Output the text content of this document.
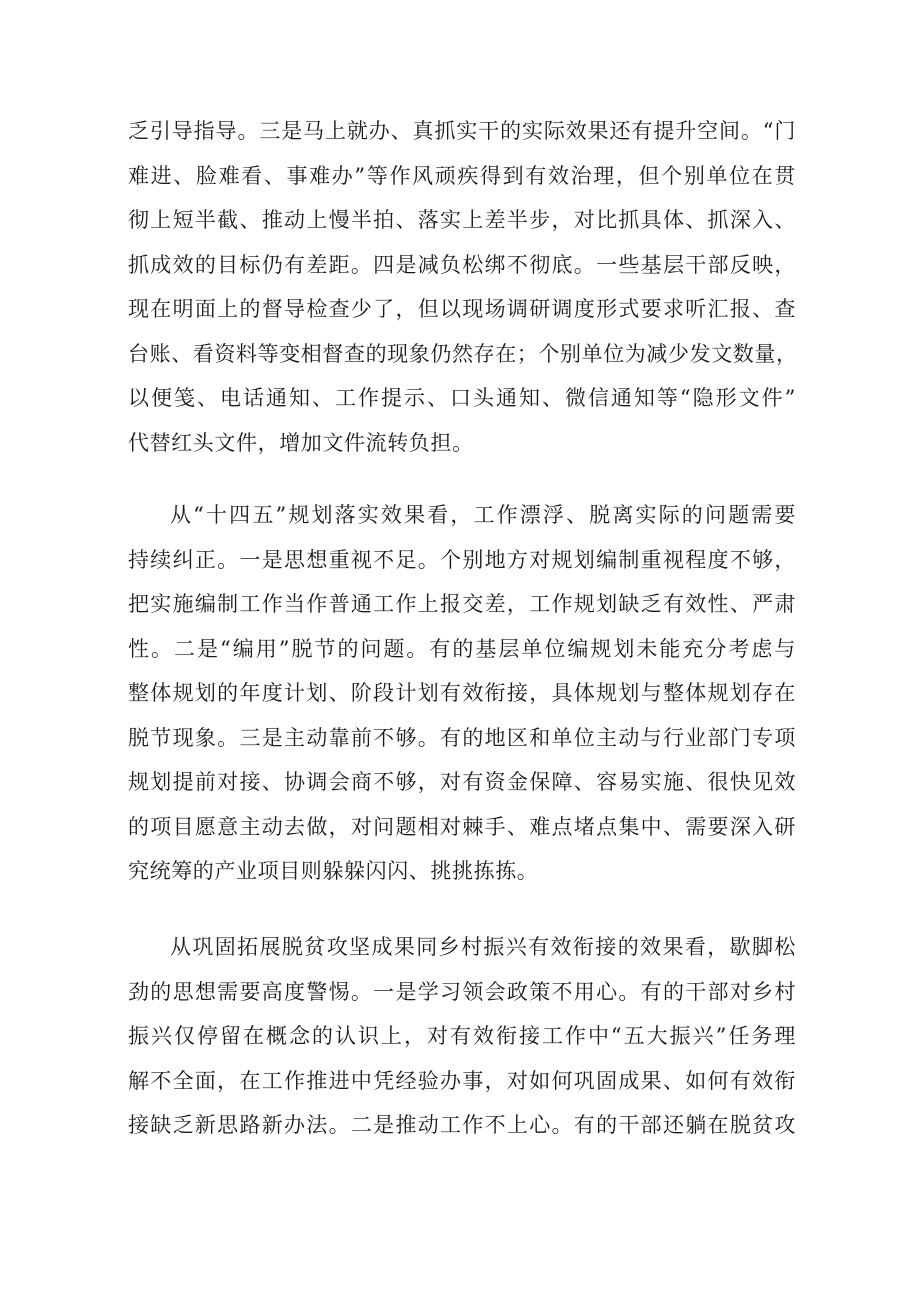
乏引导指导。三是马上就办、真抓实干的实际效果还有提升空间。“门
难进、脸难看、事难办”等作风顽疾得到有效治理，但个别单位在贯
彻上短半截、推动上慢半拍、落实上差半步，对比抓具体、抓深入、
抓成效的目标仍有差距。四是减负松绑不彻底。一些基层干部反映，
现在明面上的督导检查少了，但以现场调研调度形式要求听汇报、查
台账、看资料等变相督查的现象仍然存在；个别单位为减少发文数量，
以便笺、电话通知、工作提示、口头通知、微信通知等“隐形文件”
代替红头文件，增加文件流转负担。
从“十四五”规划落实效果看，工作漂浮、脱离实际的问题需要
持续纠正。一是思想重视不足。个别地方对规划编制重视程度不够，
把实施编制工作当作普通工作上报交差，工作规划缺乏有效性、严肃
性。二是“编用”脱节的问题。有的基层单位编规划未能充分考虑与
整体规划的年度计划、阶段计划有效衔接，具体规划与整体规划存在
脱节现象。三是主动靠前不够。有的地区和单位主动与行业部门专项
规划提前对接、协调会商不够，对有资金保障、容易实施、很快见效
的项目愿意主动去做，对问题相对棘手、难点堵点集中、需要深入研
究统筹的产业项目则躲躲闪闪、挑挑拣拣。
从巩固拓展脱贫攻坚成果同乡村振兴有效衔接的效果看，歇脚松
劲的思想需要高度警惕。一是学习领会政策不用心。有的干部对乡村
振兴仅停留在概念的认识上，对有效衔接工作中“五大振兴”任务理
解不全面，在工作推进中凭经验办事，对如何巩固成果、如何有效衔
接缺乏新思路新办法。二是推动工作不上心。有的干部还躺在脱贫攻
